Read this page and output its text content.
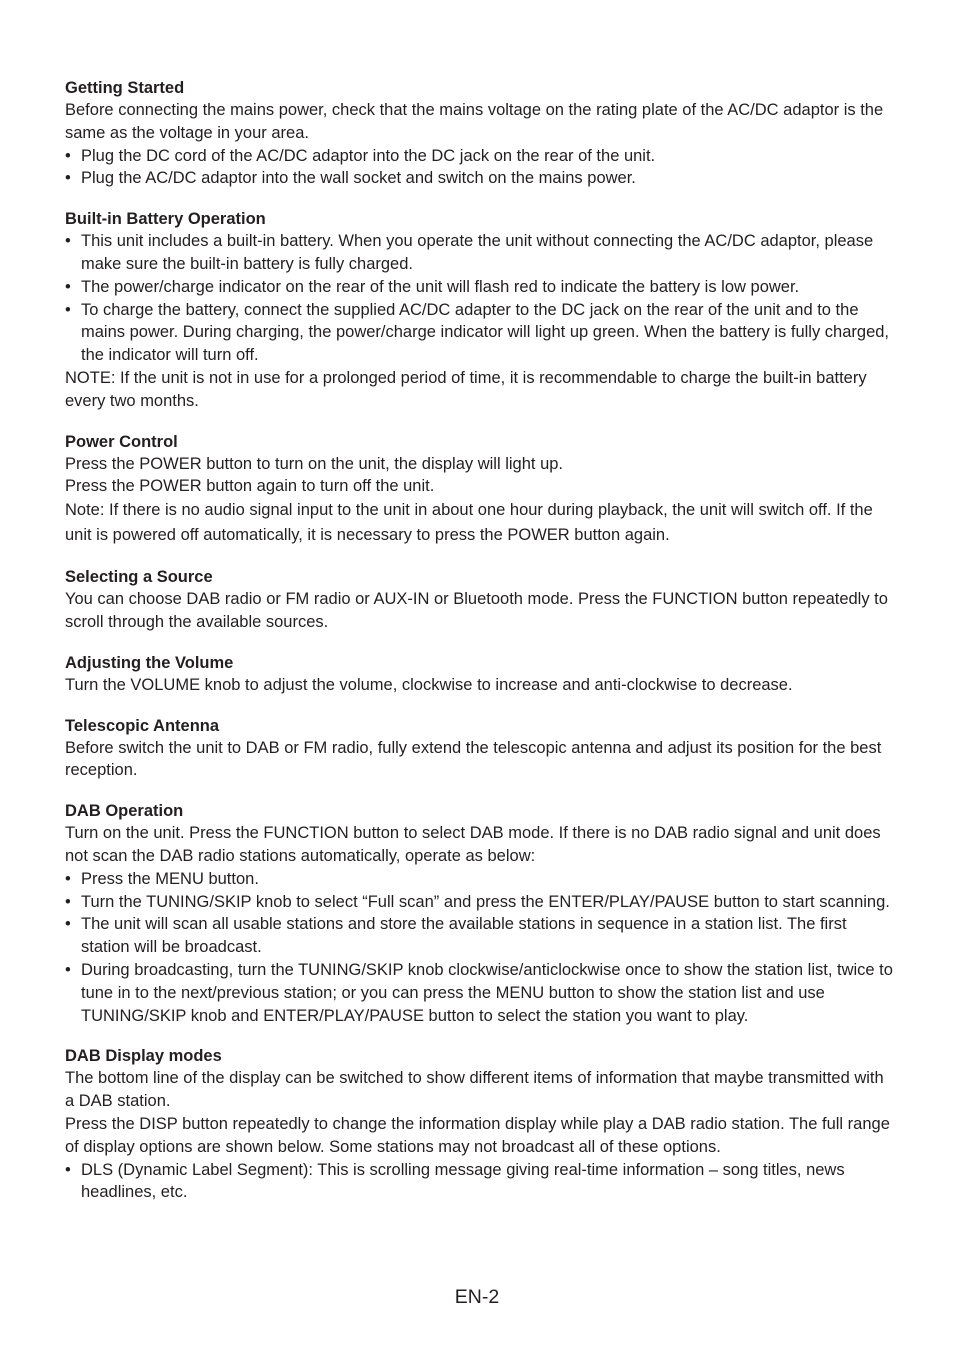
Getting Started
Before connecting the mains power, check that the mains voltage on the rating plate of the AC/DC adaptor is the same as the voltage in your area.
• Plug the DC cord of the AC/DC adaptor into the DC jack on the rear of the unit.
• Plug the AC/DC adaptor into the wall socket and switch on the mains power.
Built-in Battery Operation
• This unit includes a built-in battery. When you operate the unit without connecting the AC/DC adaptor, please make sure the built-in battery is fully charged.
• The power/charge indicator on the rear of the unit will flash red to indicate the battery is low power.
• To charge the battery, connect the supplied AC/DC adapter to the DC jack on the rear of the unit and to the mains power. During charging, the power/charge indicator will light up green. When the battery is fully charged, the indicator will turn off.
NOTE: If the unit is not in use for a prolonged period of time, it is recommendable to charge the built-in battery every two months.
Power Control
Press the POWER button to turn on the unit, the display will light up.
Press the POWER button again to turn off the unit.
Note: If there is no audio signal input to the unit in about one hour during playback, the unit will switch off. If the unit is powered off automatically, it is necessary to press the POWER button again.
Selecting a Source
You can choose DAB radio or FM radio or AUX-IN or Bluetooth mode. Press the FUNCTION button repeatedly to scroll through the available sources.
Adjusting the Volume
Turn the VOLUME knob to adjust the volume, clockwise to increase and anti-clockwise to decrease.
Telescopic Antenna
Before switch the unit to DAB or FM radio, fully extend the telescopic antenna and adjust its position for the best reception.
DAB Operation
Turn on the unit. Press the FUNCTION button to select DAB mode. If there is no DAB radio signal and unit does not scan the DAB radio stations automatically, operate as below:
• Press the MENU button.
• Turn the TUNING/SKIP knob to select “Full scan” and press the ENTER/PLAY/PAUSE button to start scanning.
• The unit will scan all usable stations and store the available stations in sequence in a station list. The first station will be broadcast.
• During broadcasting, turn the TUNING/SKIP knob clockwise/anticlockwise once to show the station list, twice to tune in to the next/previous station; or you can press the MENU button to show the station list and use TUNING/SKIP knob and ENTER/PLAY/PAUSE button to select the station you want to play.
DAB Display modes
The bottom line of the display can be switched to show different items of information that maybe transmitted with a DAB station.
Press the DISP button repeatedly to change the information display while play a DAB radio station. The full range of display options are shown below. Some stations may not broadcast all of these options.
• DLS (Dynamic Label Segment): This is scrolling message giving real-time information – song titles, news headlines, etc.
EN-2
